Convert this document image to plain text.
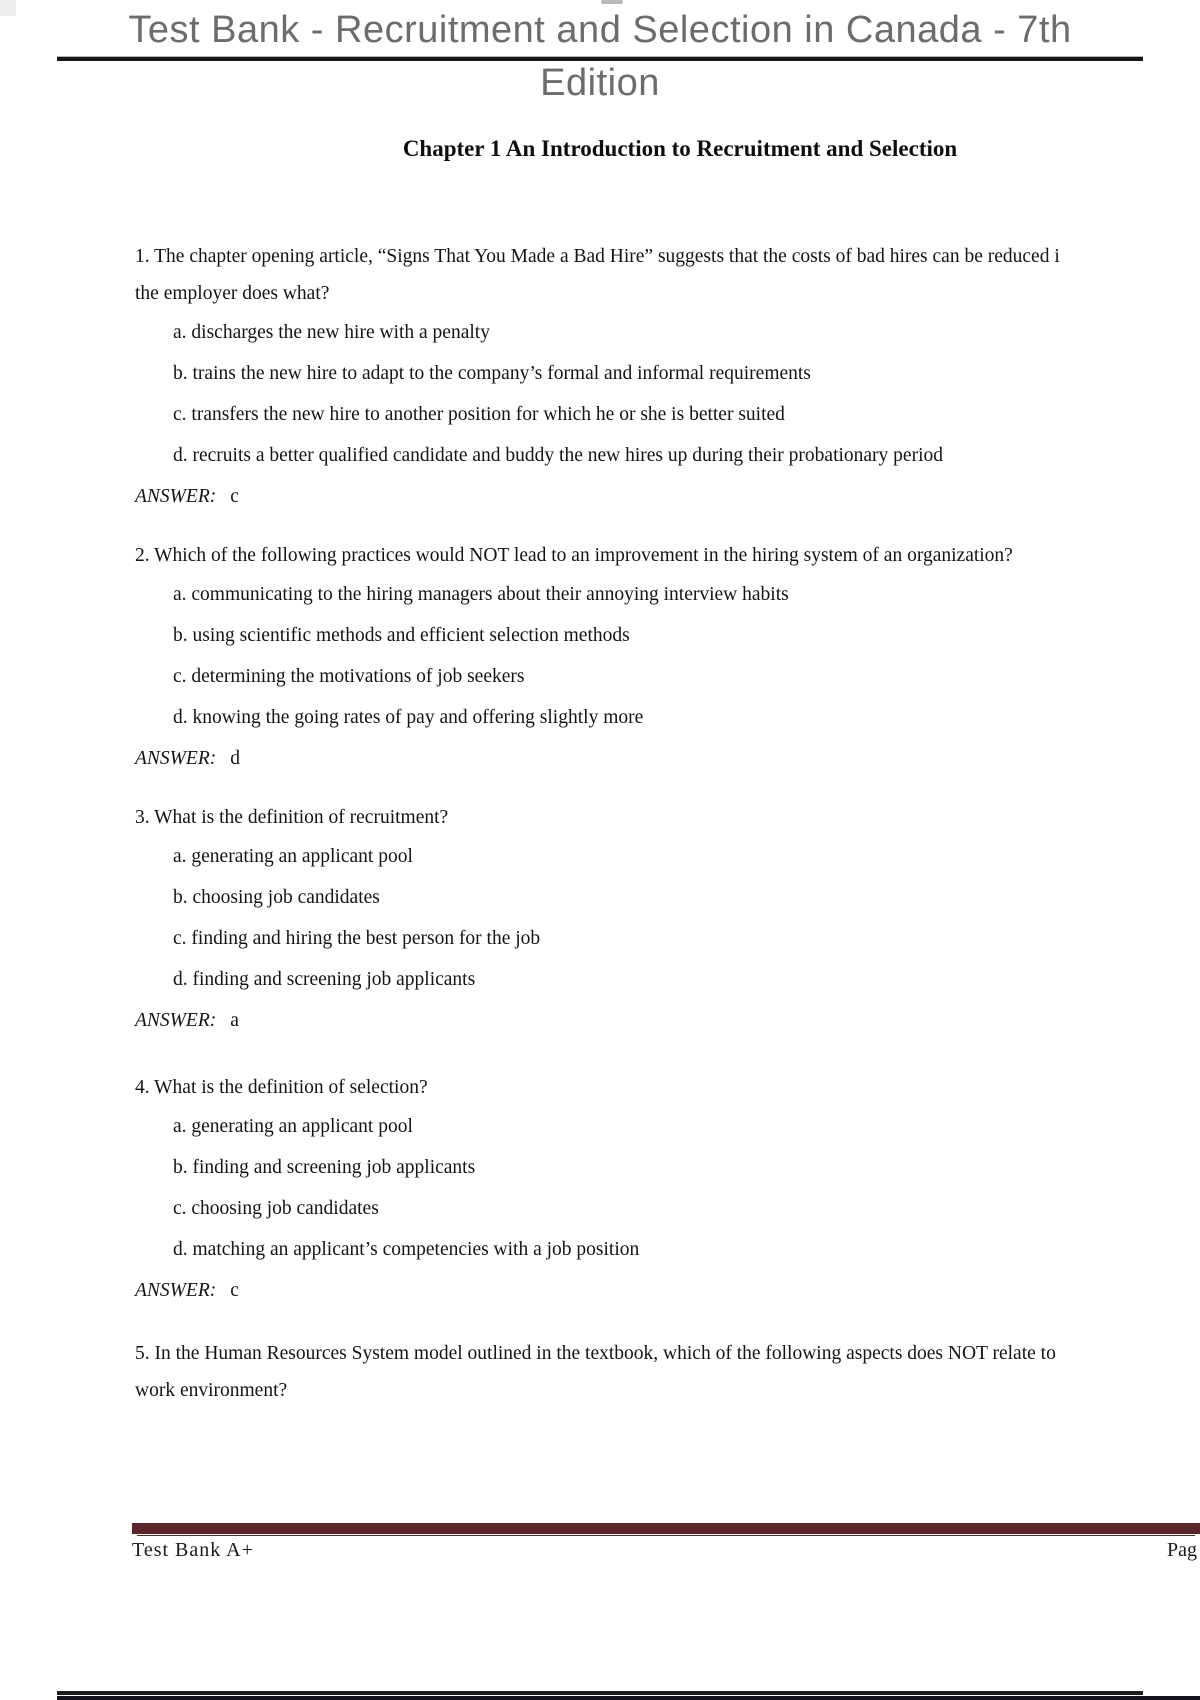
Test Bank - Recruitment and Selection in Canada - 7th
Edition
Chapter 1 An Introduction to Recruitment and Selection

1. The chapter opening article, “Signs That You Made a Bad Hire” suggests that the costs of bad hires can be reduced i

the employer does what?

a. discharges the new hire with a penalty
b. trains the new hire to adapt to the company’s formal and informal requirements
c. transfers the new hire to another position for which he or she is better suited
d. recruits a better qualified candidate and buddy the new hires up during their probationary period

ANSWER: c

2. Which of the following practices would NOT lead to an improvement in the hiring system of an organization?

a. communicating to the hiring managers about their annoying interview habits
b. using scientific methods and efficient selection methods
c. determining the motivations of job seekers
d. knowing the going rates of pay and offering slightly more

ANSWER: d

3. What is the definition of recruitment?

a. generating an applicant pool
b. choosing job candidates
c. finding and hiring the best person for the job
d. finding and screening job applicants

ANSWER: a

4. What is the definition of selection?

a. generating an applicant pool
b. finding and screening job applicants
c. choosing job candidates
d. matching an applicant’s competencies with a job position

ANSWER: c

5. In the Human Resources System model outlined in the textbook, which of the following aspects does NOT relate to

work environment?

Test Bank A+	Pag
